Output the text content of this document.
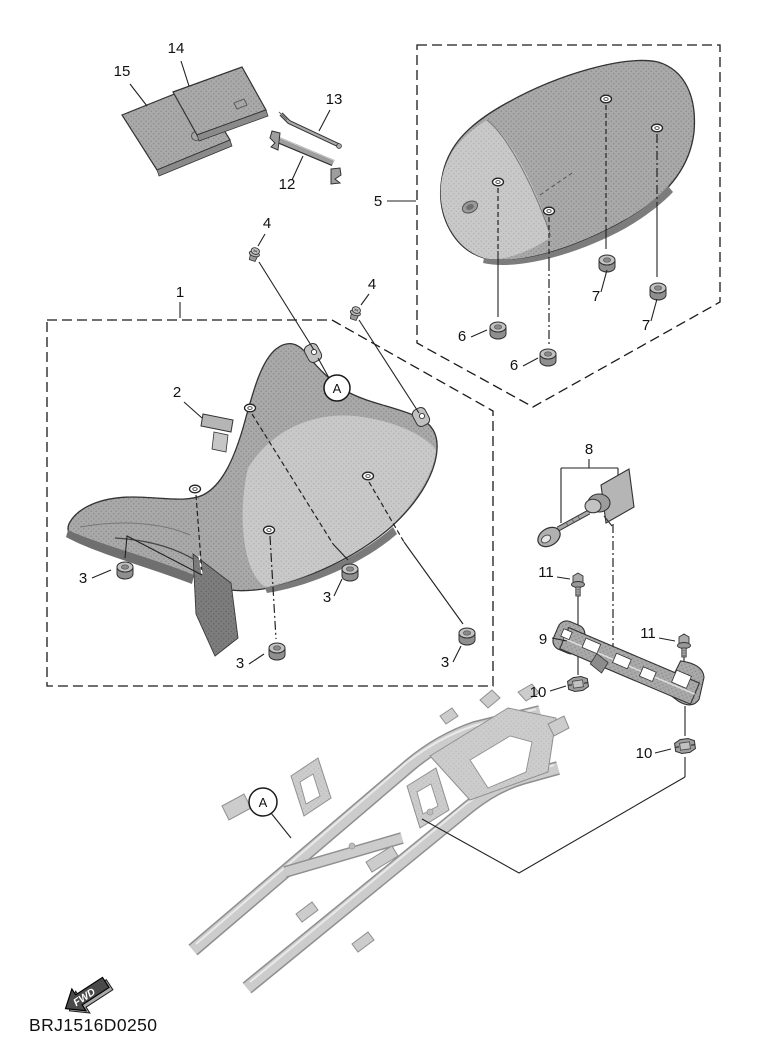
A
A
1
2
3
3
3
3
4
4
5
6
6
7
7
8
9
10
10
11
11
12
13
14
15
FWD
BRJ1516D0250
